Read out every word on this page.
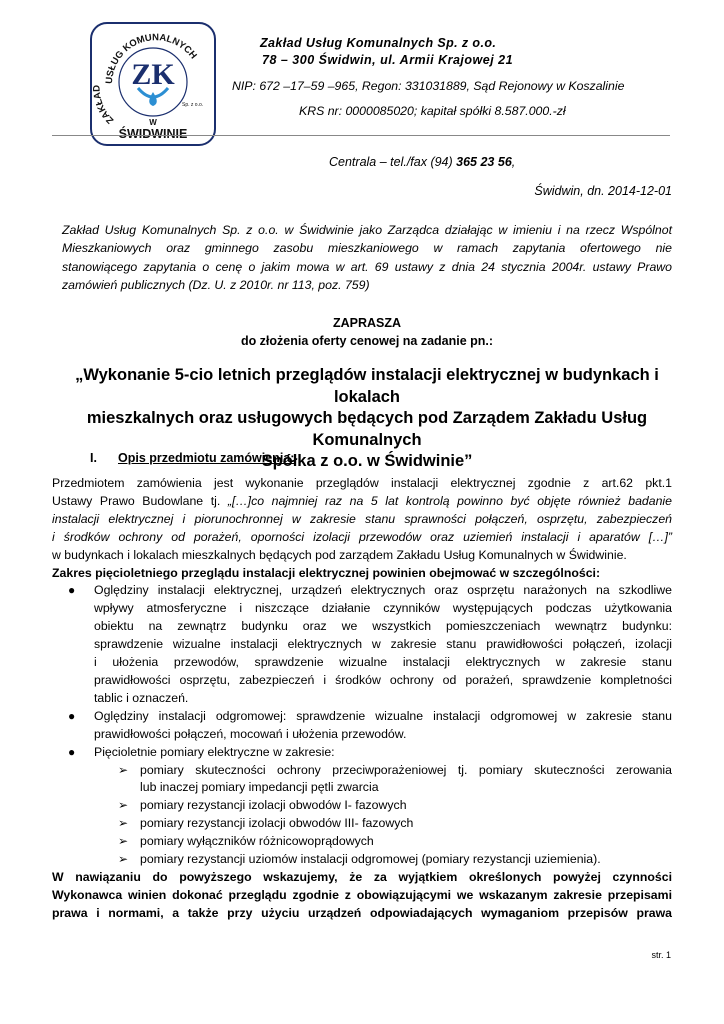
USŁUG KOMUNALNYCH
ZAKŁAD ZK
Sp. z o.o.
W
ŚWIDWINIE
Zakład Usług Komunalnych Sp. z o.o.
78 – 300 Świdwin, ul. Armii Krajowej 21
NIP: 672 –17–59 –965, Regon: 331031889, Sąd Rejonowy w Koszalinie
KRS nr: 0000085020; kapitał spółki 8.587.000.-zł
Centrala – tel./fax (94) 365 23 56,
Świdwin, dn. 2014-12-01
Zakład Usług Komunalnych Sp. z o.o. w Świdwinie jako Zarządca działając w imieniu i na rzecz Wspólnot
Mieszkaniowych oraz gminnego zasobu mieszkaniowego w ramach zapytania ofertowego nie
stanowiącego zapytania o cenę o jakim mowa w art. 69 ustawy z dnia 24 stycznia 2004r. ustawy Prawo
zamówień publicznych (Dz. U. z 2010r. nr 113, poz. 759)
ZAPRASZA
do złożenia oferty cenowej na zadanie pn.:
„Wykonanie 5-cio letnich przeglądów instalacji elektrycznej w budynkach i lokalach
mieszkalnych oraz usługowych będących pod Zarządem Zakładu Usług Komunalnych
Spółka z o.o. w Świdwinie”
I. Opis przedmiotu zamówienia:

Przedmiotem zamówienia jest wykonanie przeglądów instalacji elektrycznej zgodnie z art.62 pkt.1

Ustawy Prawo Budowlane tj. „[…]co najmniej raz na 5 lat kontrolą powinno być objęte również badanie

instalacji elektrycznej i piorunochronnej w zakresie stanu sprawności połączeń, osprzętu, zabezpieczeń

i środków ochrony od porażeń, oporności izolacji przewodów oraz uziemień instalacji i aparatów […]”

w budynkach i lokalach mieszkalnych będących pod zarządem Zakładu Usług Komunalnych w Świdwinie.

Zakres pięcioletniego przeglądu instalacji elektrycznej powinien obejmować w szczególności:

● Oględziny instalacji elektrycznej, urządzeń elektrycznych oraz osprzętu narażonych na szkodliwe

wpływy atmosferyczne i niszczące działanie czynników występujących podczas użytkowania

obiektu na zewnątrz budynku oraz we wszystkich pomieszczeniach wewnątrz budynku:

sprawdzenie wizualne instalacji elektrycznych w zakresie stanu prawidłowości połączeń, izolacji

i ułożenia przewodów, sprawdzenie wizualne instalacji elektrycznych w zakresie stanu

prawidłowości osprzętu, zabezpieczeń i środków ochrony od porażeń, sprawdzenie kompletności

tablic i oznaczeń.

● Oględziny instalacji odgromowej: sprawdzenie wizualne instalacji odgromowej w zakresie stanu

prawidłowości połączeń, mocowań i ułożenia przewodów.

● Pięcioletnie pomiary elektryczne w zakresie:

➢ pomiary skuteczności ochrony przeciwporażeniowej tj. pomiary skuteczności zerowania

lub inaczej pomiary impedancji pętli zwarcia

➢ pomiary rezystancji izolacji obwodów I- fazowych

➢ pomiary rezystancji izolacji obwodów III- fazowych

➢ pomiary wyłączników różnicowoprądowych

➢ pomiary rezystancji uziomów instalacji odgromowej (pomiary rezystancji uziemienia).

W nawiązaniu do powyższego wskazujemy, że za wyjątkiem określonych powyżej czynności

Wykonawca winien dokonać przeglądu zgodnie z obowiązującymi we wskazanym zakresie przepisami

prawa i normami, a także przy użyciu urządzeń odpowiadających wymaganiom przepisów prawa

str. 1
